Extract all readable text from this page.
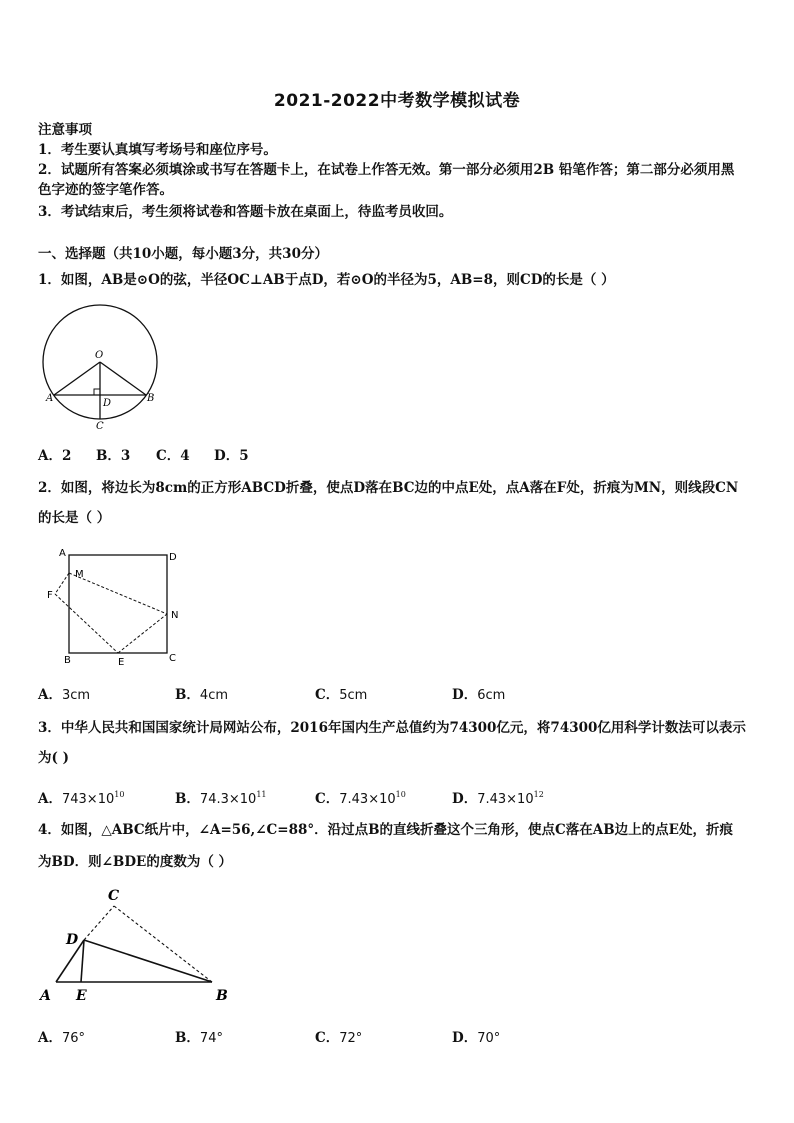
2021-2022中考数学模拟试卷
注意事项
1．考生要认真填写考场号和座位序号。
2．试题所有答案必须填涂或书写在答题卡上，在试卷上作答无效。第一部分必须用2B 铅笔作答；第二部分必须用黑
色字迹的签字笔作答。
3．考试结束后，考生须将试卷和答题卡放在桌面上，待监考员收回。
一、选择题（共10小题，每小题3分，共30分）
1．如图，AB是⊙O的弦，半径OC⊥AB于点D，若⊙O的半径为5，AB=8，则CD的长是（ ）
O
A	B
D
C
A．2 B．3 C．4 D．5
2．如图，将边长为8cm的正方形ABCD折叠，使点D落在BC边的中点E处，点A落在F处，折痕为MN，则线段CN
的长是（ ）
A	D
M
F
N
B	E	C
A．3cm	B．4cm	C．5cm	D．6cm
3．中华人民共和国国家统计局网站公布，2016年国内生产总值约为74300亿元，将74300亿用科学计数法可以表示
为( )
A．$743\times 10^{10}$	B．$74.3\times 10^{11}$	C．$7.43\times 10^{10}$	D．$7.43\times 10^{12}$
4．如图，△ABC纸片中，∠A=56,∠C=88°．沿过点B的直线折叠这个三角形，使点C落在AB边上的点E处，折痕
为BD．则∠BDE的度数为（ ）
C
D
A E	B
A．76°	B．74°	C．72°	D．70°
